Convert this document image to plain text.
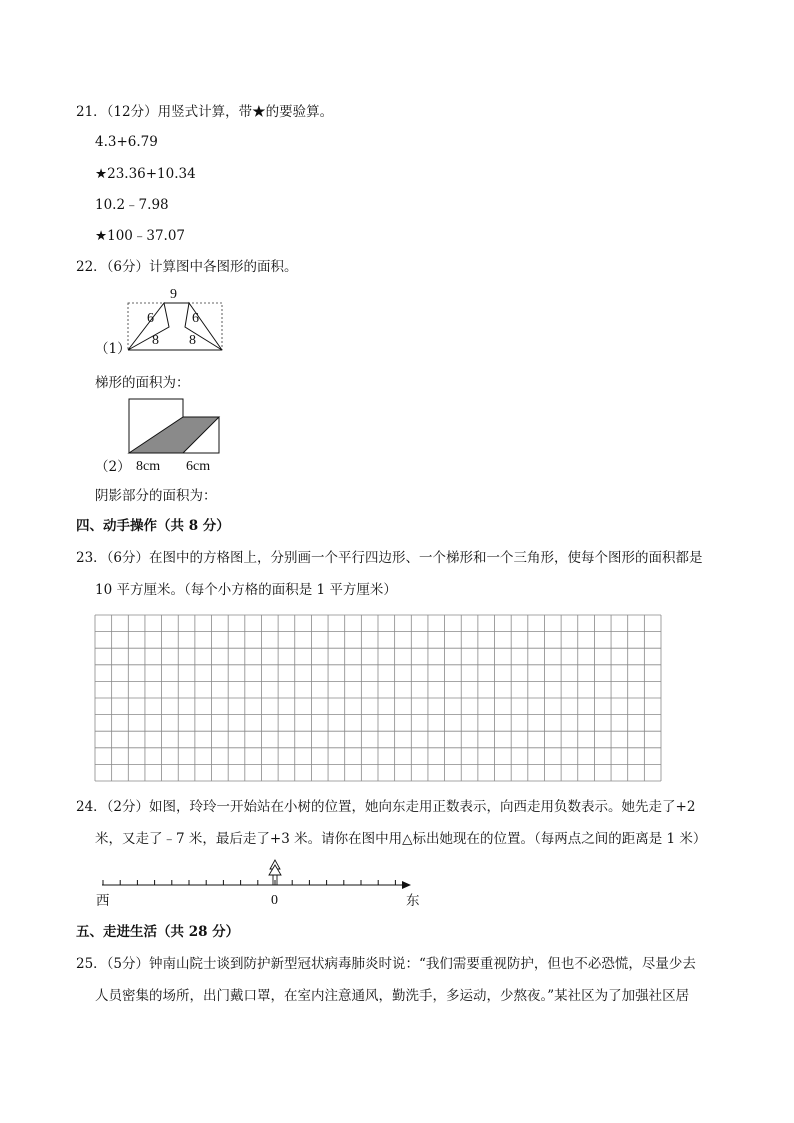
21．（12分）用竖式计算，带★的要验算。
4.3+6.79
★23.36+10.34
10.2﹣7.98
★100﹣37.07
22．（6分）计算图中各图形的面积。
（1）
9
6	6
8 8
梯形的面积为：
（2） 8cm 6cm
阴影部分的面积为：
四、动手操作（共 8 分）
23．（6分）在图中的方格图上，分别画一个平行四边形、一个梯形和一个三角形，使每个图形的面积都是
10 平方厘米。（每个小方格的面积是 1 平方厘米）
24．（2分）如图，玲玲一开始站在小树的位置，她向东走用正数表示，向西走用负数表示。她先走了+2
米，又走了﹣7 米，最后走了+3 米。请你在图中用△标出她现在的位置。（每两点之间的距离是 1 米）
西	0	东
五、走进生活（共 28 分）
25．（5分）钟南山院士谈到防护新型冠状病毒肺炎时说：“我们需要重视防护，但也不必恐慌，尽量少去
人员密集的场所，出门戴口罩，在室内注意通风，勤洗手，多运动，少熬夜。”某社区为了加强社区居
